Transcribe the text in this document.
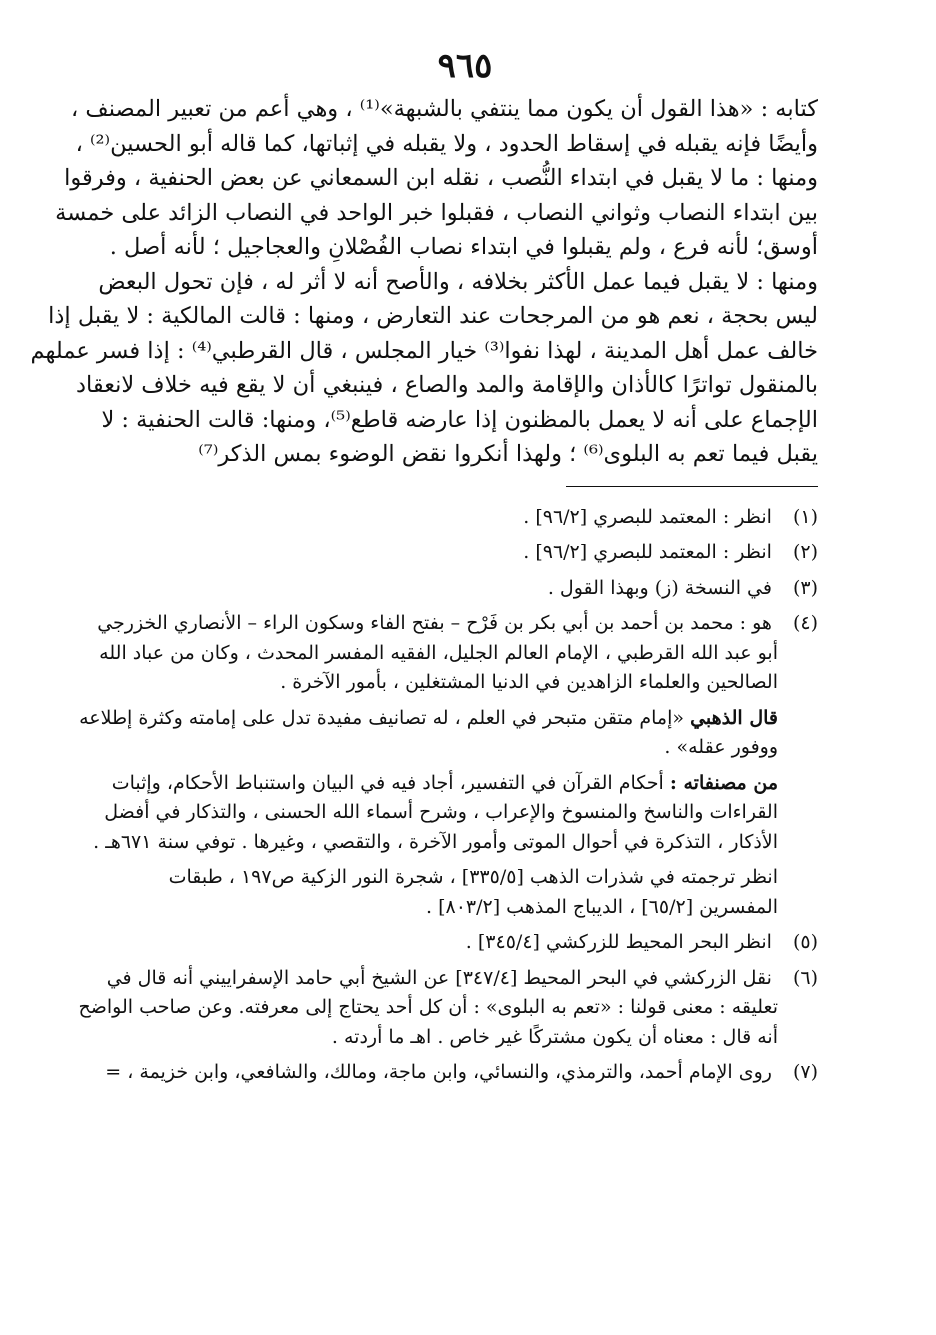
٩٦٥

كتابه : «هذا القول أن يكون مما ينتفي بالشبهة»⁽¹⁾ ، وهي أعم من تعبير المصنف ،

وأيضًا فإنه يقبله في إسقاط الحدود ، ولا يقبله في إثباتها، كما قاله أبو الحسين⁽²⁾ ،

ومنها : ما لا يقبل في ابتداء النُّصب ، نقله ابن السمعاني عن بعض الحنفية ، وفرقوا

بين ابتداء النصاب وثواني النصاب ، فقبلوا خبر الواحد في النصاب الزائد على خمسة

أوسق؛ لأنه فرع ، ولم يقبلوا في ابتداء نصاب الفُصْلانِ والعجاجيل ؛ لأنه أصل .

ومنها : لا يقبل فيما عمل الأكثر بخلافه ، والأصح أنه لا أثر له ، فإن تحول البعض

ليس بحجة ، نعم هو من المرجحات عند التعارض ، ومنها : قالت المالكية : لا يقبل إذا

خالف عمل أهل المدينة ، لهذا نفوا⁽³⁾ خيار المجلس ، قال القرطبي⁽⁴⁾ : إذا فسر عملهم

بالمنقول تواترًا كالأذان والإقامة والمد والصاع ، فينبغي أن لا يقع فيه خلاف لانعقاد

الإجماع على أنه لا يعمل بالمظنون إذا عارضه قاطع⁽⁵⁾، ومنها: قالت الحنفية : لا

يقبل فيما تعم به البلوى⁽⁶⁾ ؛ ولهذا أنكروا نقض الوضوء بمس الذكر⁽⁷⁾

(١) انظر : المعتمد للبصري [٩٦/٢] .
(٢) انظر : المعتمد للبصري [٩٦/٢] .
(٣) في النسخة (ز) وبهذا القول .
(٤) هو : محمد بن أحمد بن أبي بكر بن فَرْح – بفتح الفاء وسكون الراء – الأنصاري الخزرجي
أبو عبد الله القرطبي ، الإمام العالم الجليل، الفقيه المفسر المحدث ، وكان من عباد الله
الصالحين والعلماء الزاهدين في الدنيا المشتغلين ، بأمور الآخرة .
قال الذهبي «إمام متقن متبحر في العلم ، له تصانيف مفيدة تدل على إمامته وكثرة إطلاعه
ووفور عقله» .
من مصنفاته : أحكام القرآن في التفسير، أجاد فيه في البيان واستنباط الأحكام، وإثبات
القراءات والناسخ والمنسوخ والإعراب ، وشرح أسماء الله الحسنى ، والتذكار في أفضل
الأذكار ، التذكرة في أحوال الموتى وأمور الآخرة ، والتقصي ، وغيرها . توفي سنة ٦٧١هـ .
انظر ترجمته في شذرات الذهب [٣٣٥/٥] ، شجرة النور الزكية ص١٩٧ ، طبقات
المفسرين [٦٥/٢] ، الديباج المذهب [٨٠٣/٢] .
(٥) انظر البحر المحيط للزركشي [٣٤٥/٤] .
(٦) نقل الزركشي في البحر المحيط [٣٤٧/٤] عن الشيخ أبي حامد الإسفراييني أنه قال في
تعليقه : معنى قولنا : «تعم به البلوى» : أن كل أحد يحتاج إلى معرفته. وعن صاحب الواضح
أنه قال : معناه أن يكون مشتركًا غير خاص . اهـ ما أردته .
(٧) روى الإمام أحمد، والترمذي، والنسائي، وابن ماجة، ومالك، والشافعي، وابن خزيمة ، =
